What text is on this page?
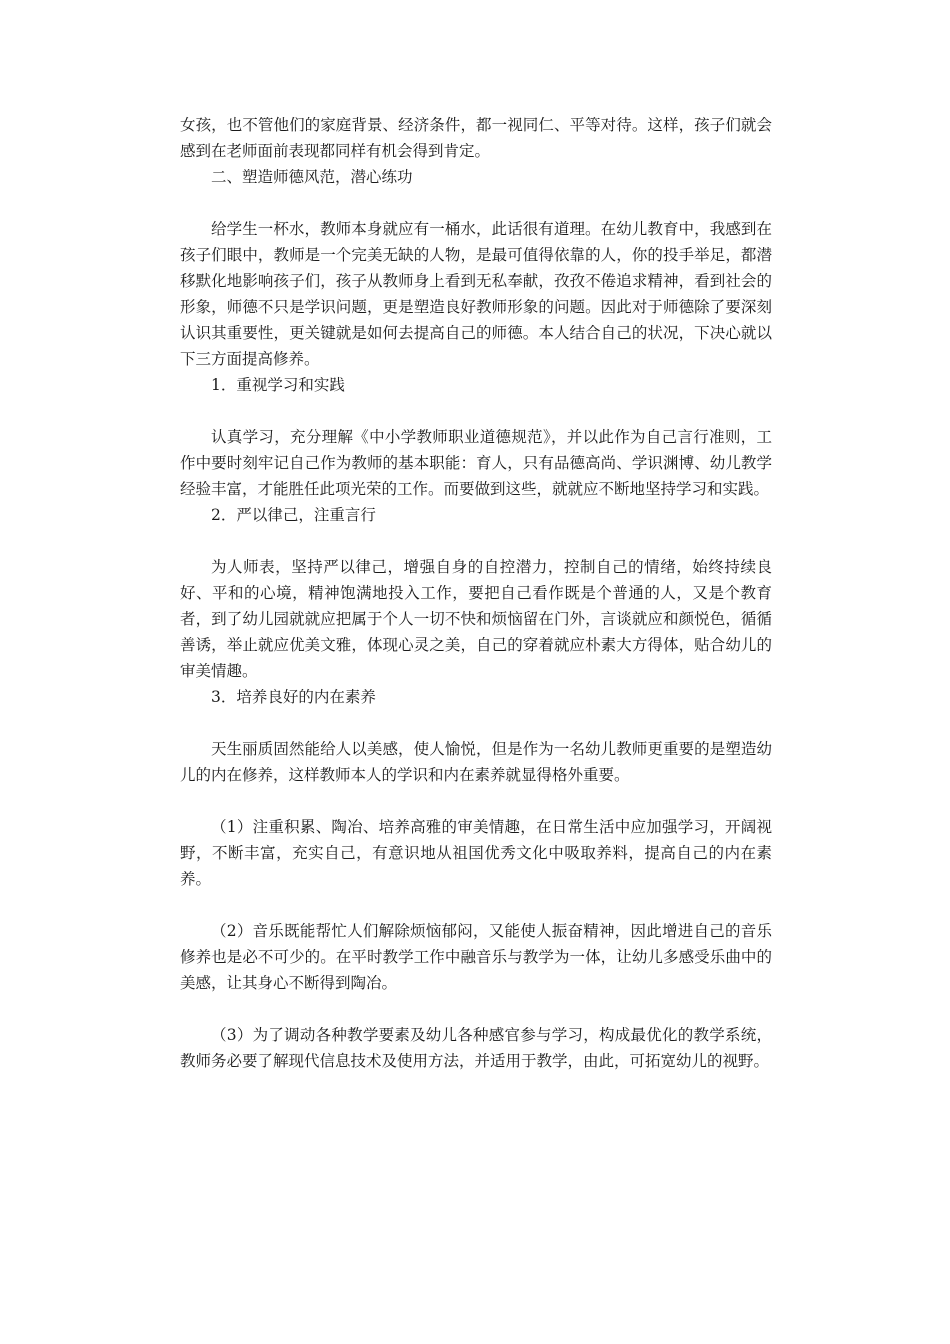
女孩，也不管他们的家庭背景、经济条件，都一视同仁、平等对待。这样，孩子们就会感到在老师面前表现都同样有机会得到肯定。

二、塑造师德风范，潜心练功

给学生一杯水，教师本身就应有一桶水，此话很有道理。在幼儿教育中，我感到在孩子们眼中，教师是一个完美无缺的人物，是最可值得依靠的人，你的投手举足，都潜移默化地影响孩子们，孩子从教师身上看到无私奉献，孜孜不倦追求精神，看到社会的形象，师德不只是学识问题，更是塑造良好教师形象的问题。因此对于师德除了要深刻认识其重要性，更关键就是如何去提高自己的师德。本人结合自己的状况，下决心就以下三方面提高修养。

1．重视学习和实践

认真学习，充分理解《中小学教师职业道德规范》，并以此作为自己言行准则，工作中要时刻牢记自己作为教师的基本职能：育人，只有品德高尚、学识渊博、幼儿教学经验丰富，才能胜任此项光荣的工作。而要做到这些，就就应不断地坚持学习和实践。

2．严以律己，注重言行

为人师表，坚持严以律己，增强自身的自控潜力，控制自己的情绪，始终持续良好、平和的心境，精神饱满地投入工作，要把自己看作既是个普通的人，又是个教育者，到了幼儿园就就应把属于个人一切不快和烦恼留在门外，言谈就应和颜悦色，循循善诱，举止就应优美文雅，体现心灵之美，自己的穿着就应朴素大方得体，贴合幼儿的审美情趣。

3．培养良好的内在素养

天生丽质固然能给人以美感，使人愉悦，但是作为一名幼儿教师更重要的是塑造幼儿的内在修养，这样教师本人的学识和内在素养就显得格外重要。

（1）注重积累、陶冶、培养高雅的审美情趣，在日常生活中应加强学习，开阔视野，不断丰富，充实自己，有意识地从祖国优秀文化中吸取养料，提高自己的内在素养。

（2）音乐既能帮忙人们解除烦恼郁闷，又能使人振奋精神，因此增进自己的音乐修养也是必不可少的。在平时教学工作中融音乐与教学为一体，让幼儿多感受乐曲中的美感，让其身心不断得到陶冶。

（3）为了调动各种教学要素及幼儿各种感官参与学习，构成最优化的教学系统，教师务必要了解现代信息技术及使用方法，并适用于教学，由此，可拓宽幼儿的视野。
